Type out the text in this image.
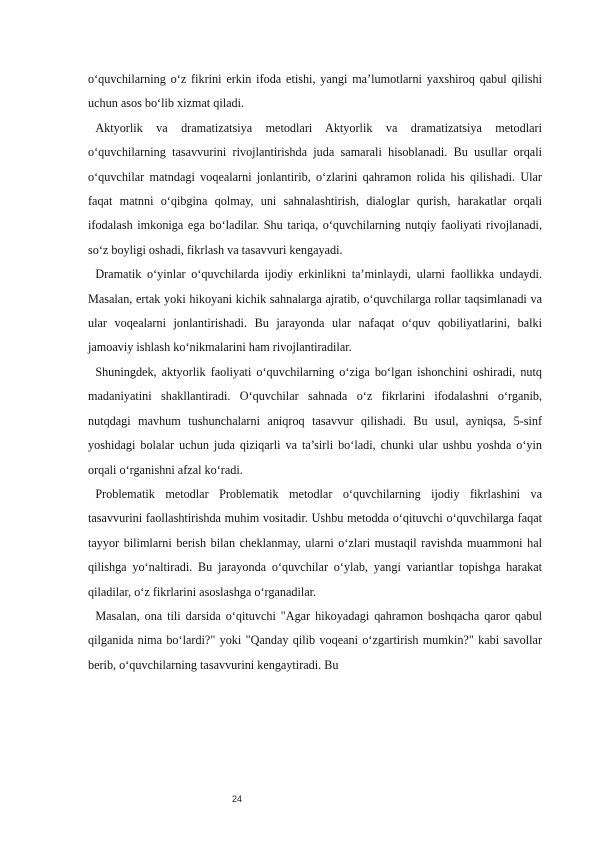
o‘quvchilarning o‘z fikrini erkin ifoda etishi, yangi ma’lumotlarni yaxshiroq qabul qilishi uchun asos bo‘lib xizmat qiladi.

Aktyorlik va dramatizatsiya metodlari Aktyorlik va dramatizatsiya metodlari o‘quvchilarning tasavvurini rivojlantirishda juda samarali hisoblanadi. Bu usullar orqali o‘quvchilar matndagi voqealarni jonlantirib, o‘zlarini qahramon rolida his qilishadi. Ular faqat matnni o‘qibgina qolmay, uni sahnalashtirish, dialoglar qurish, harakatlar orqali ifodalash imkoniga ega bo‘ladilar. Shu tariqa, o‘quvchilarning nutqiy faoliyati rivojlanadi, so‘z boyligi oshadi, fikrlash va tasavvuri kengayadi.

Dramatik o‘yinlar o‘quvchilarda ijodiy erkinlikni ta’minlaydi, ularni faollikka undaydi. Masalan, ertak yoki hikoyani kichik sahnalarga ajratib, o‘quvchilarga rollar taqsimlanadi va ular voqealarni jonlantirishadi. Bu jarayonda ular nafaqat o‘quv qobiliyatlarini, balki jamoaviy ishlash ko‘nikmalarini ham rivojlantiradilar.

Shuningdek, aktyorlik faoliyati o‘quvchilarning o‘ziga bo‘lgan ishonchini oshiradi, nutq madaniyatini shakllantiradi. O‘quvchilar sahnada o‘z fikrlarini ifodalashni o‘rganib, nutqdagi mavhum tushunchalarni aniqroq tasavvur qilishadi. Bu usul, ayniqsa, 5-sinf yoshidagi bolalar uchun juda qiziqarli va ta’sirli bo‘ladi, chunki ular ushbu yoshda o‘yin orqali o‘rganishni afzal ko‘radi.

Problematik metodlar Problematik metodlar o‘quvchilarning ijodiy fikrlashini va tasavvurini faollashtirishda muhim vositadir. Ushbu metodda o‘qituvchi o‘quvchilarga faqat tayyor bilimlarni berish bilan cheklanmay, ularni o‘zlari mustaqil ravishda muammoni hal qilishga yo‘naltiradi. Bu jarayonda o‘quvchilar o‘ylab, yangi variantlar topishga harakat qiladilar, o‘z fikrlarini asoslashga o‘rganadilar.

Masalan, ona tili darsida o‘qituvchi "Agar hikoyadagi qahramon boshqacha qaror qabul qilganida nima bo‘lardi?" yoki "Qanday qilib voqeani o‘zgartirish mumkin?" kabi savollar berib, o‘quvchilarning tasavvurini kengaytiradi. Bu

24
